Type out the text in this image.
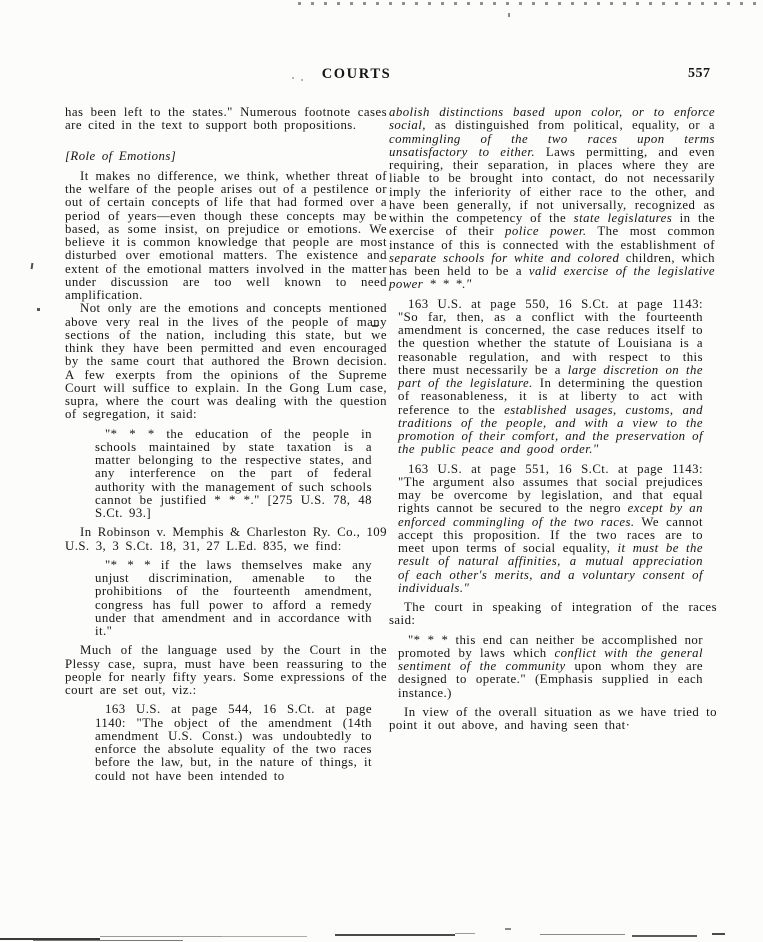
COURTS	557
has been left to the states." Numerous footnote cases are cited in the text to support both propositions.
[Role of Emotions]
It makes no difference, we think, whether threat of the welfare of the people arises out of a pestilence or out of certain concepts of life that had formed over a period of years—even though these concepts may be based, as some insist, on prejudice or emotions. We believe it is common knowledge that people are most disturbed over emotional matters. The existence and extent of the emotional matters involved in the matter under discussion are too well known to need amplification.
Not only are the emotions and concepts mentioned above very real in the lives of the people of many sections of the nation, including this state, but we think they have been permitted and even encouraged by the same court that authored the Brown decision. A few exerpts from the opinions of the Supreme Court will suffice to explain. In the Gong Lum case, supra, where the court was dealing with the question of segregation, it said:
"* * * the education of the people in schools maintained by state taxation is a matter belonging to the respective states, and any interference on the part of federal authority with the management of such schools cannot be justified * * *." [275 U.S. 78, 48 S.Ct. 93.]
In Robinson v. Memphis & Charleston Ry. Co., 109 U.S. 3, 3 S.Ct. 18, 31, 27 L.Ed. 835, we find:
"* * * if the laws themselves make any unjust discrimination, amenable to the prohibitions of the fourteenth amendment, congress has full power to afford a remedy under that amendment and in accordance with it."
Much of the language used by the Court in the Plessy case, supra, must have been reassuring to the people for nearly fifty years. Some expressions of the court are set out, viz.:
163 U.S. at page 544, 16 S.Ct. at page 1140: "The object of the amendment (14th amendment U.S. Const.) was undoubtedly to enforce the absolute equality of the two races before the law, but, in the nature of things, it could not have been intended to
abolish distinctions based upon color, or to enforce social, as distinguished from political, equality, or a commingling of the two races upon terms unsatisfactory to either. Laws permitting, and even requiring, their separation, in places where they are liable to be brought into contact, do not necessarily imply the inferiority of either race to the other, and have been generally, if not universally, recognized as within the competency of the state legislatures in the exercise of their police power. The most common instance of this is connected with the establishment of separate schools for white and colored children, which has been held to be a valid exercise of the legislative power * * *."
163 U.S. at page 550, 16 S.Ct. at page 1143: "So far, then, as a conflict with the fourteenth amendment is concerned, the case reduces itself to the question whether the statute of Louisiana is a reasonable regulation, and with respect to this there must necessarily be a large discretion on the part of the legislature. In determining the question of reasonableness, it is at liberty to act with reference to the established usages, customs, and traditions of the people, and with a view to the promotion of their comfort, and the preservation of the public peace and good order."
163 U.S. at page 551, 16 S.Ct. at page 1143: "The argument also assumes that social prejudices may be overcome by legislation, and that equal rights cannot be secured to the negro except by an enforced commingling of the two races. We cannot accept this proposition. If the two races are to meet upon terms of social equality, it must be the result of natural affinities, a mutual appreciation of each other's merits, and a voluntary consent of individuals."
The court in speaking of integration of the races said:
"* * * this end can neither be accomplished nor promoted by laws which conflict with the general sentiment of the community upon whom they are designed to operate." (Emphasis supplied in each instance.)
In view of the overall situation as we have tried to point it out above, and having seen that·
